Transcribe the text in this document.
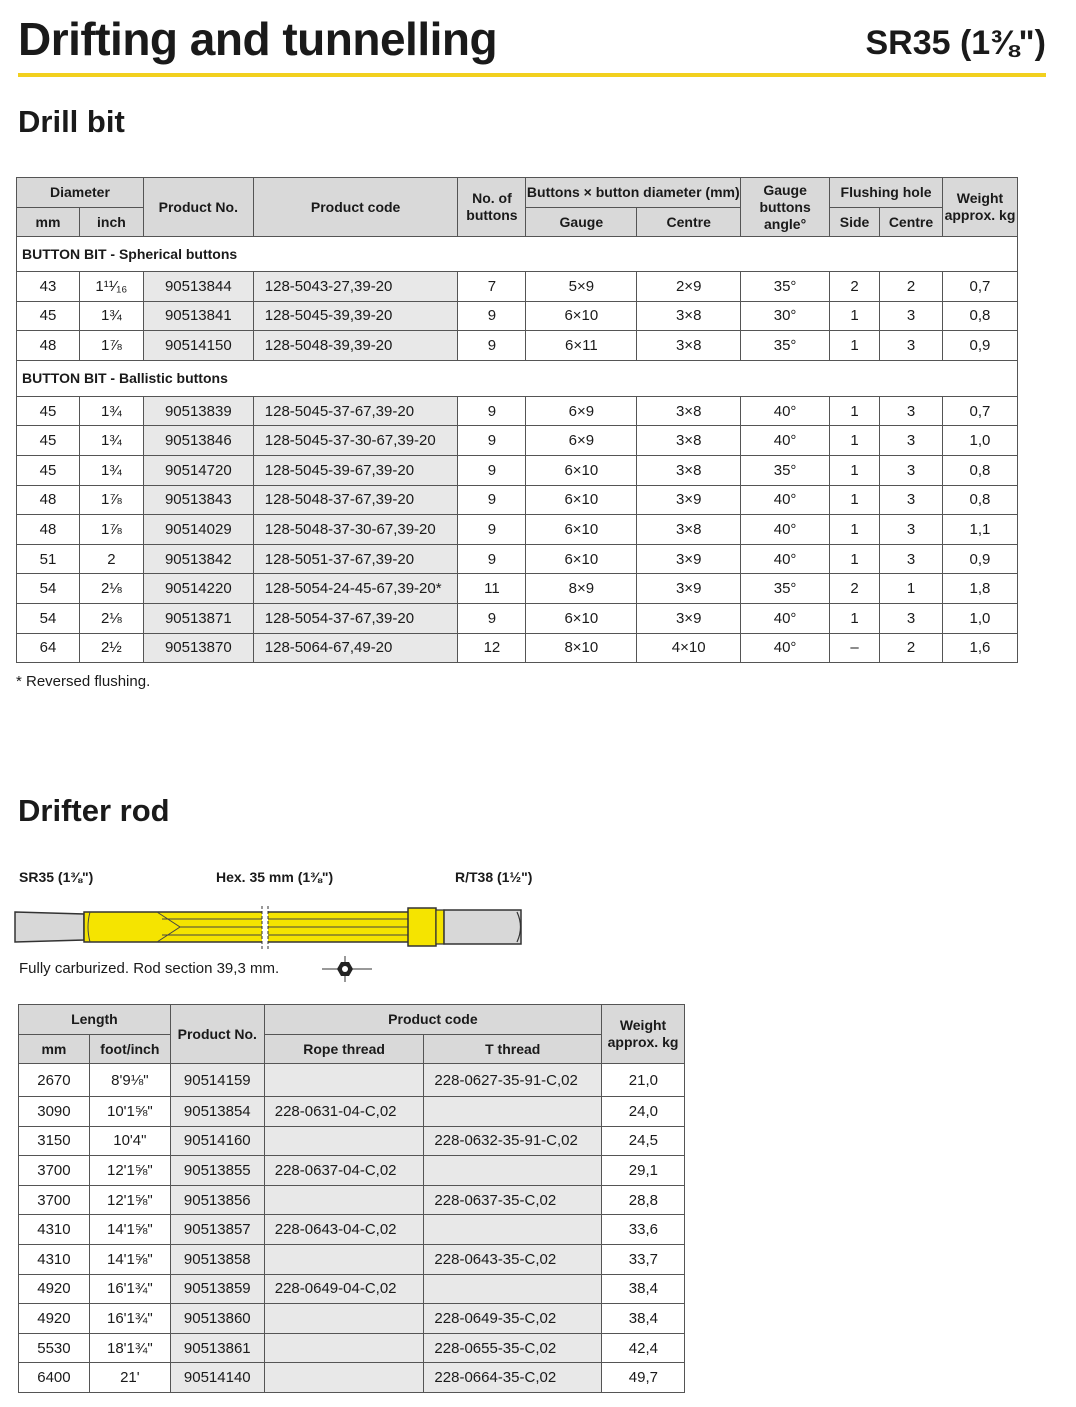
Drifting and tunnelling	SR35 (1⅜")
Drill bit
Diameter		Product No.	Product code	No. of buttons	Buttons × button diameter (mm)		Gauge buttons angle°	Flushing hole		Weight approx. kg
mm	inch				Gauge	Centre		Side	Centre	
BUTTON BIT - Spherical buttons										
43	1¹¹⁄₁₆	90513844	128-5043-27,39-20	7	5×9	2×9	35°	2	2	0,7
45	1¾	90513841	128-5045-39,39-20	9	6×10	3×8	30°	1	3	0,8
48	1⅞	90514150	128-5048-39,39-20	9	6×11	3×8	35°	1	3	0,9
BUTTON BIT - Ballistic buttons										
45	1¾	90513839	128-5045-37-67,39-20	9	6×9	3×8	40°	1	3	0,7
45	1¾	90513846	128-5045-37-30-67,39-20	9	6×9	3×8	40°	1	3	1,0
45	1¾	90514720	128-5045-39-67,39-20	9	6×10	3×8	35°	1	3	0,8
48	1⅞	90513843	128-5048-37-67,39-20	9	6×10	3×9	40°	1	3	0,8
48	1⅞	90514029	128-5048-37-30-67,39-20	9	6×10	3×8	40°	1	3	1,1
51	2	90513842	128-5051-37-67,39-20	9	6×10	3×9	40°	1	3	0,9
54	2⅛	90514220	128-5054-24-45-67,39-20*	11	8×9	3×9	35°	2	1	1,8
54	2⅛	90513871	128-5054-37-67,39-20	9	6×10	3×9	40°	1	3	1,0
64	2½	90513870	128-5064-67,49-20	12	8×10	4×10	40°	–	2	1,6
* Reversed flushing.
Drifter rod
SR35 (1⅜")	Hex. 35 mm (1⅜")	R/T38 (1½")
Fully carburized. Rod section 39,3 mm.
Length		Product No.	Product code		Weight approx. kg
mm	foot/inch		Rope thread	T thread	
2670	8'9⅛"	90514159		228-0627-35-91-C,02	21,0
3090	10'1⅝"	90513854	228-0631-04-C,02		24,0
3150	10'4"	90514160		228-0632-35-91-C,02	24,5
3700	12'1⅝"	90513855	228-0637-04-C,02		29,1
3700	12'1⅝"	90513856		228-0637-35-C,02	28,8
4310	14'1⅝"	90513857	228-0643-04-C,02		33,6
4310	14'1⅝"	90513858		228-0643-35-C,02	33,7
4920	16'1¾"	90513859	228-0649-04-C,02		38,4
4920	16'1¾"	90513860		228-0649-35-C,02	38,4
5530	18'1¾"	90513861		228-0655-35-C,02	42,4
6400	21'	90514140		228-0664-35-C,02	49,7
